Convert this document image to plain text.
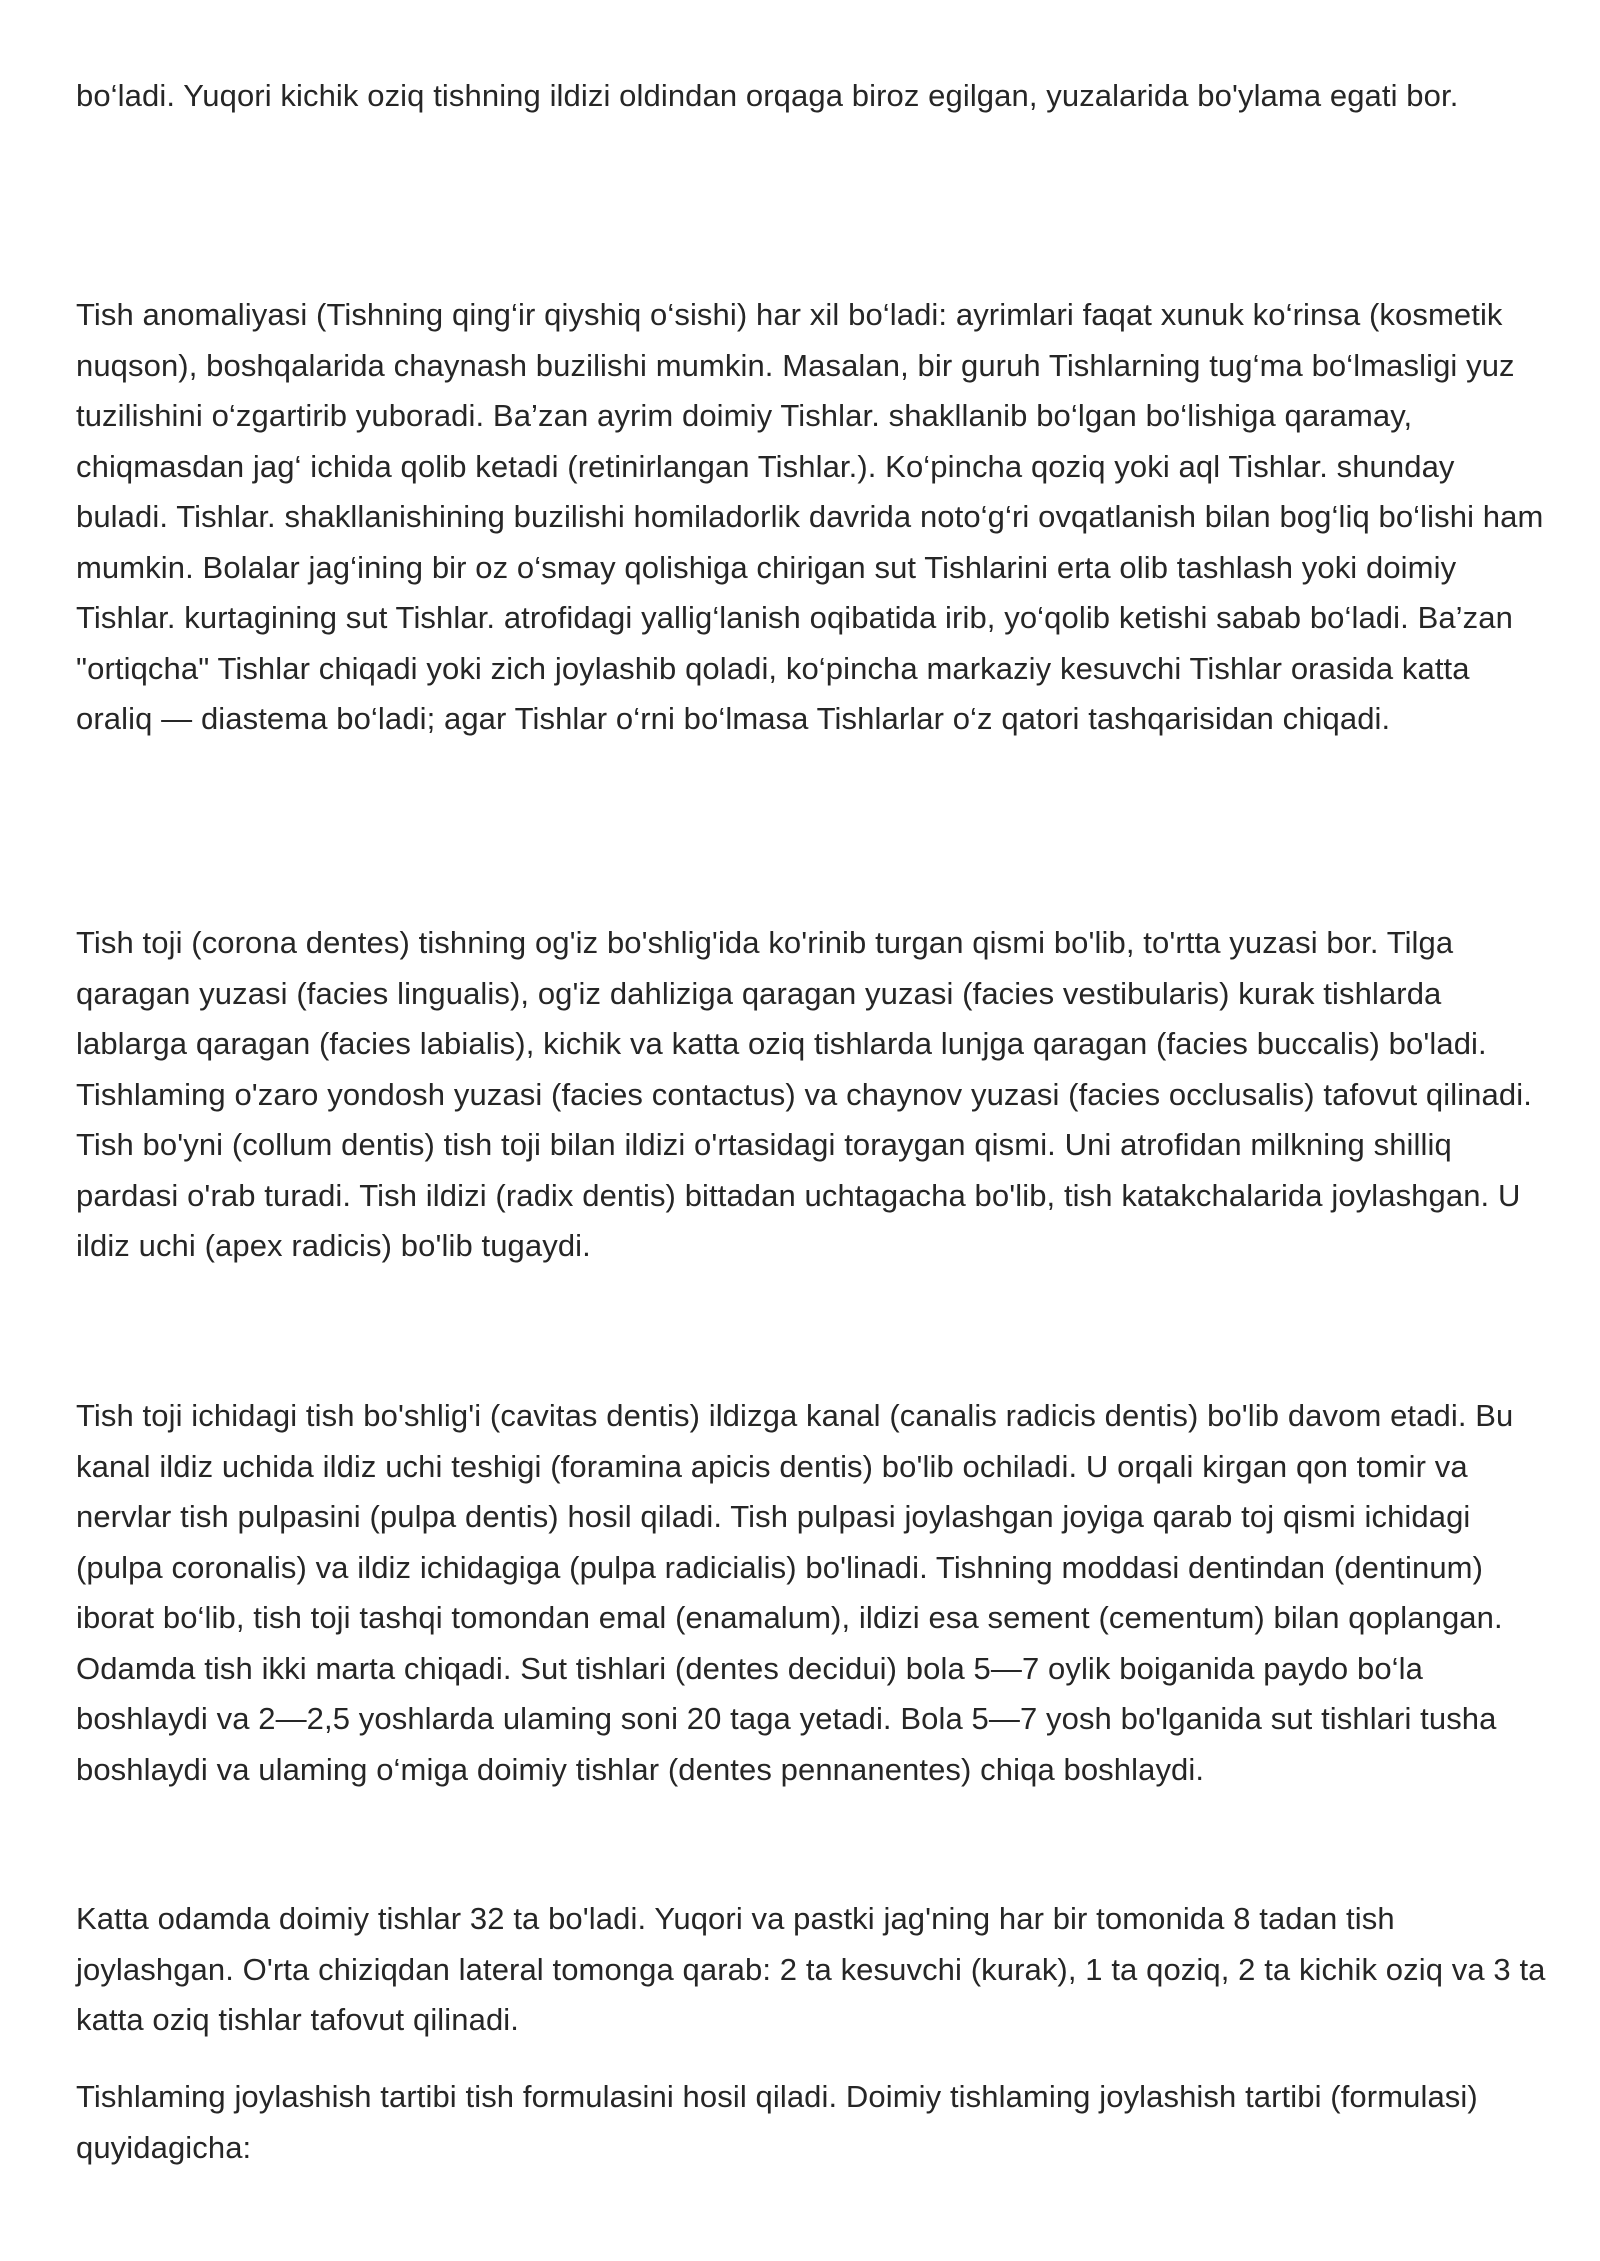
bo‘ladi. Yuqori kichik oziq tishning ildizi oldindan orqaga biroz egilgan, yuzalarida bo'ylama egati bor.

Tish anomaliyasi (Tishning qing‘ir qiyshiq o‘sishi) har xil bo‘ladi: ayrimlari faqat xunuk ko‘rinsa (kosmetik nuqson), boshqalarida chaynash buzilishi mumkin. Masalan, bir guruh Tishlarning tug‘ma bo‘lmasligi yuz tuzilishini o‘zgartirib yuboradi. Ba’zan ayrim doimiy Tishlar. shakllanib bo‘lgan bo‘lishiga qaramay, chiqmasdan jag‘ ichida qolib ketadi (retinirlangan Tishlar.). Ko‘pincha qoziq yoki aql Tishlar. shunday buladi. Tishlar. shakllanishining buzilishi homiladorlik davrida noto‘g‘ri ovqatlanish bilan bog‘liq bo‘lishi ham mumkin. Bolalar jag‘ining bir oz o‘smay qolishiga chirigan sut Tishlarini erta olib tashlash yoki doimiy Tishlar. kurtagining sut Tishlar. atrofidagi yallig‘lanish oqibatida irib, yo‘qolib ketishi sabab bo‘ladi. Ba’zan "ortiqcha" Tishlar chiqadi yoki zich joylashib qoladi, ko‘pincha markaziy kesuvchi Tishlar orasida katta oraliq — diastema bo‘ladi; agar Tishlar o‘rni bo‘lmasa Tishlarlar o‘z qatori tashqarisidan chiqadi.

Tish toji (corona dentes) tishning og'iz bo'shlig'ida ko'rinib turgan qismi bo'lib, to'rtta yuzasi bor. Tilga qaragan yuzasi (facies lingualis), og'iz dahliziga qaragan yuzasi (facies vestibularis) kurak tishlarda lablarga qaragan (facies labialis), kichik va katta oziq tishlarda lunjga qaragan (facies buccalis) bo'ladi. Tishlaming o'zaro yondosh yuzasi (facies contactus) va chaynov yuzasi (facies occlusalis) tafovut qilinadi. Tish bo'yni (collum dentis) tish toji bilan ildizi o'rtasidagi toraygan qismi. Uni atrofidan milkning shilliq pardasi o'rab turadi. Tish ildizi (radix dentis) bittadan uchtagacha bo'lib, tish katakchalarida joylashgan. U ildiz uchi (apex radicis) bo'lib tugaydi.

Tish toji ichidagi tish bo'shlig'i (cavitas dentis) ildizga kanal (canalis radicis dentis) bo'lib davom etadi. Bu kanal ildiz uchida ildiz uchi teshigi (foramina apicis dentis) bo'lib ochiladi. U orqali kirgan qon tomir va nervlar tish pulpasini (pulpa dentis) hosil qiladi. Tish pulpasi joylashgan joyiga qarab toj qismi ichidagi (pulpa coronalis) va ildiz ichidagiga (pulpa radicialis) bo'linadi. Tishning moddasi dentindan (dentinum) iborat bo‘lib, tish toji tashqi tomondan emal (enamalum), ildizi esa sement (cementum) bilan qoplangan. Odamda tish ikki marta chiqadi. Sut tishlari (dentes decidui) bola 5—7 oylik boiganida paydo bo‘la boshlaydi va 2—2,5 yoshlarda ulaming soni 20 taga yetadi. Bola 5—7 yosh bo'lganida sut tishlari tusha boshlaydi va ulaming o‘miga doimiy tishlar (dentes pennanentes) chiqa boshlaydi.

Katta odamda doimiy tishlar 32 ta bo'ladi. Yuqori va pastki jag'ning har bir tomonida 8 tadan tish joylashgan. O'rta chiziqdan lateral tomonga qarab: 2 ta kesuvchi (kurak), 1 ta qoziq, 2 ta kichik oziq va 3 ta katta oziq tishlar tafovut qilinadi.

Tishlaming joylashish tartibi tish formulasini hosil qiladi. Doimiy tishlaming joylashish tartibi (formulasi) quyidagicha:
